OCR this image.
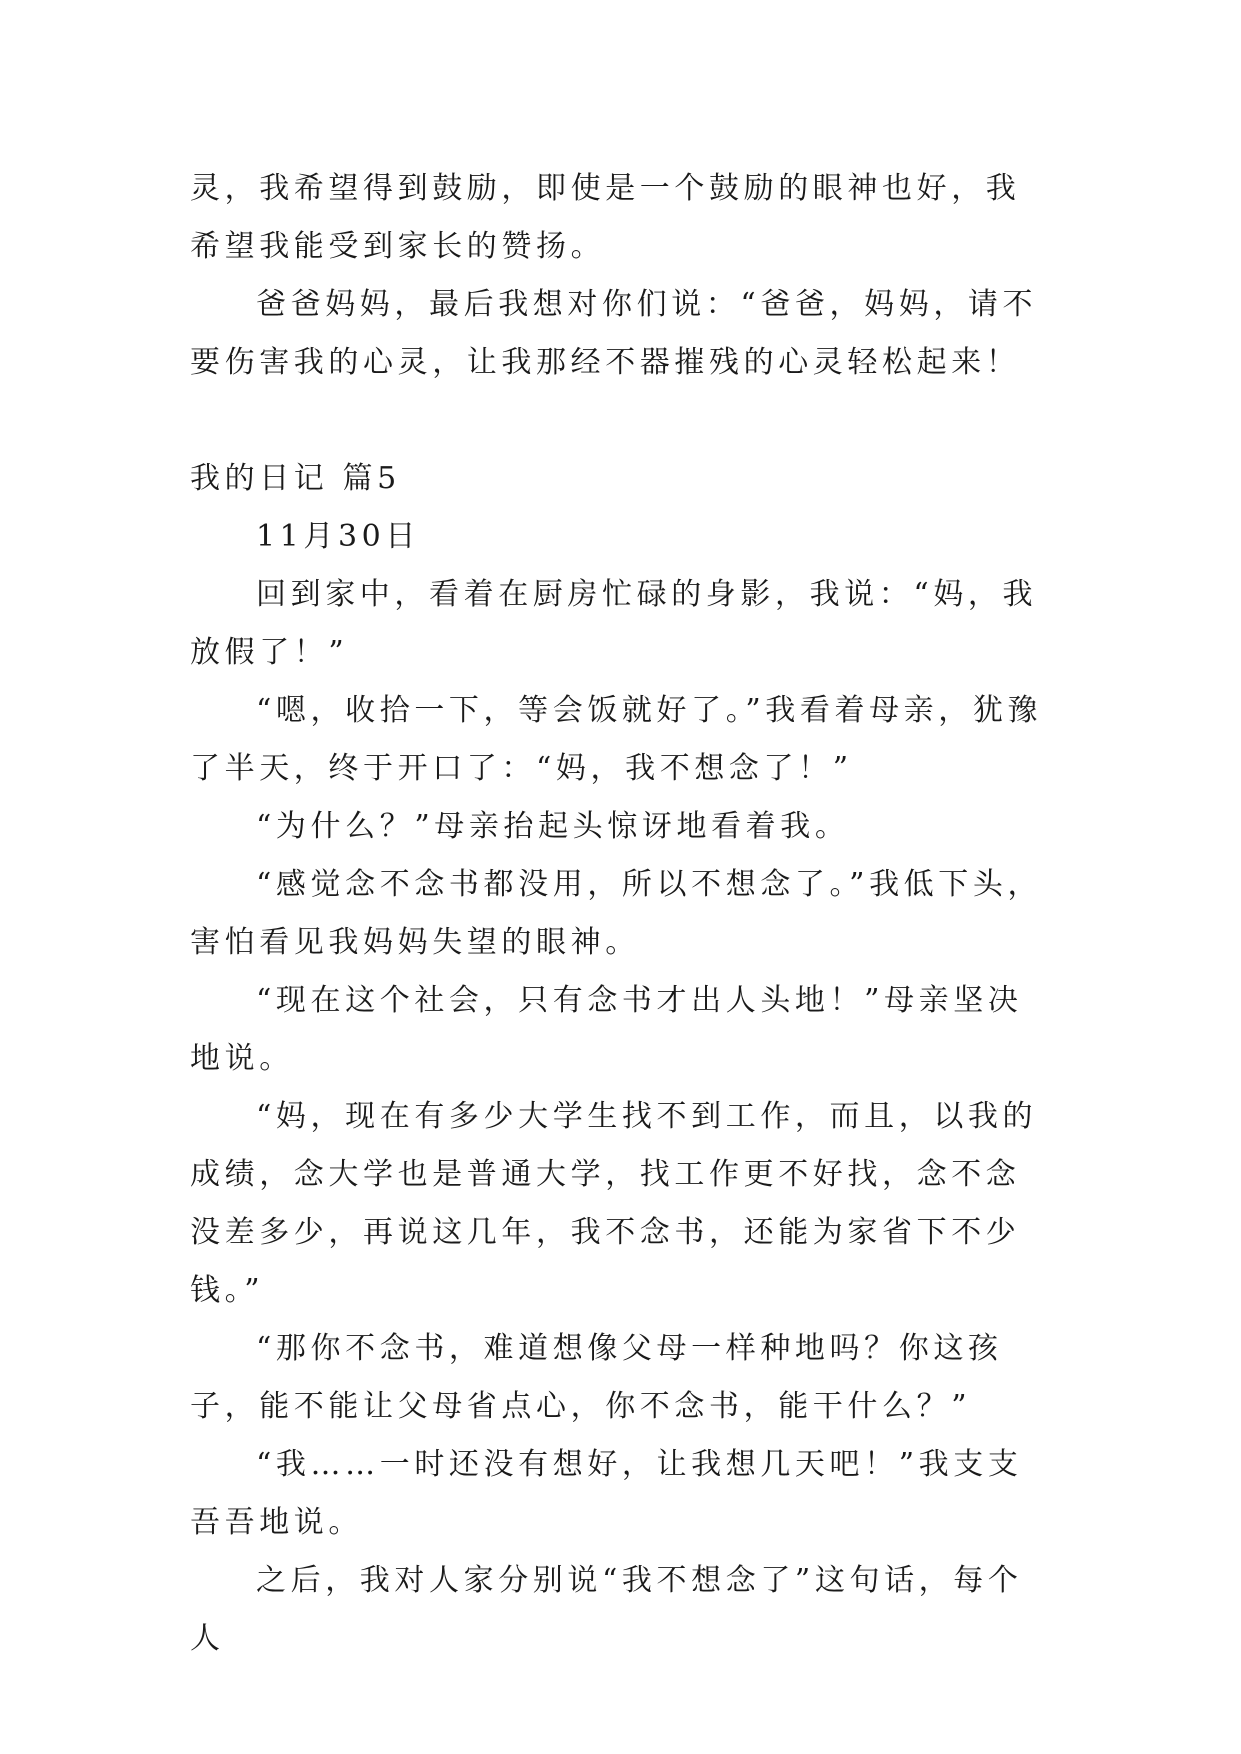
灵，我希望得到鼓励，即使是一个鼓励的眼神也好，我希望我能受到家长的赞扬。

爸爸妈妈，最后我想对你们说：“爸爸，妈妈，请不要伤害我的心灵，让我那经不器摧残的心灵轻松起来！

我的日记 篇5

11月30日

回到家中，看着在厨房忙碌的身影，我说：“妈，我放假了！”

“嗯，收拾一下，等会饭就好了。”我看着母亲，犹豫了半天，终于开口了：“妈，我不想念了！”

“为什么？”母亲抬起头惊讶地看着我。

“感觉念不念书都没用，所以不想念了。”我低下头，害怕看见我妈妈失望的眼神。

“现在这个社会，只有念书才出人头地！”母亲坚决地说。

“妈，现在有多少大学生找不到工作，而且，以我的成绩，念大学也是普通大学，找工作更不好找，念不念没差多少，再说这几年，我不念书，还能为家省下不少钱。”

“那你不念书，难道想像父母一样种地吗？你这孩子，能不能让父母省点心，你不念书，能干什么？”

“我……一时还没有想好，让我想几天吧！”我支支吾吾地说。

之后，我对人家分别说“我不想念了”这句话，每个人
